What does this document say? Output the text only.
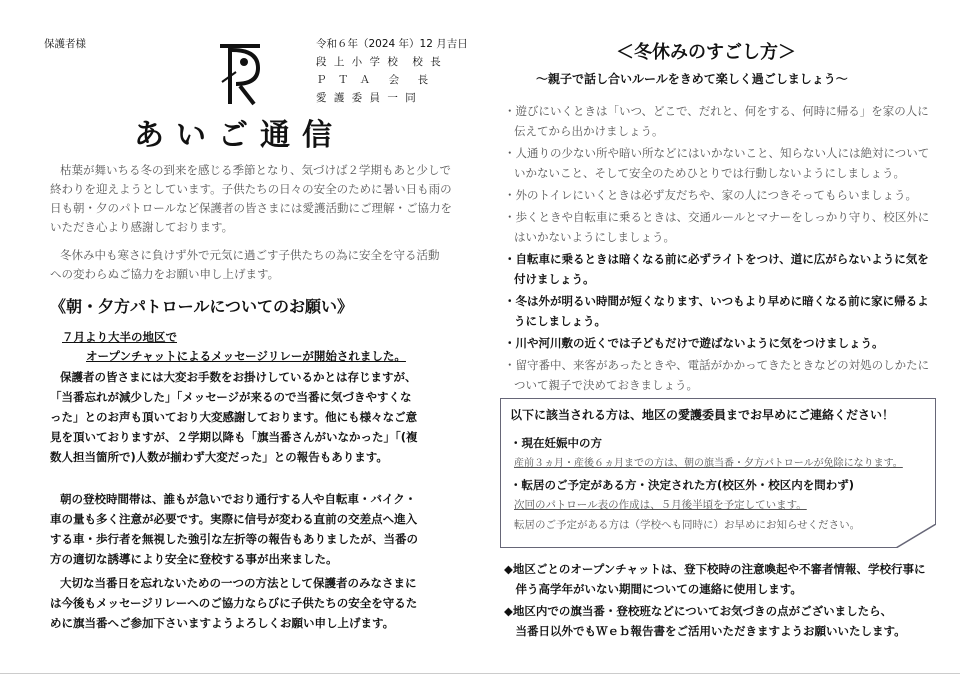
保護者様	令和６年（2024 年）12 月吉日
段 上 小 学 校　校 長
Ｐ Ｔ Ａ　会　長
愛 護 委 員 一 同
あいご通信
枯葉が舞いちる冬の到来を感じる季節となり、気づけば２学期もあと少しで
終わりを迎えようとしています。子供たちの日々の安全のために暑い日も雨の
日も朝・夕のパトロールなど保護者の皆さまには愛護活動にご理解・ご協力を
いただき心より感謝しております。
冬休み中も寒さに負けず外で元気に過ごす子供たちの為に安全を守る活動
への変わらぬご協力をお願い申し上げます。
《朝・夕方パトロールについてのお願い》
７月より大半の地区で
オープンチャットによるメッセージリレーが開始されました。
保護者の皆さまには大変お手数をお掛けしているかとは存じますが、
「当番忘れが減少した」「メッセージが来るので当番に気づきやすくな
った」とのお声も頂いており大変感謝しております。他にも様々なご意
見を頂いておりますが、２学期以降も「旗当番さんがいなかった」「(複
数人担当箇所で)人数が揃わず大変だった」との報告もあります。
朝の登校時間帯は、誰もが急いでおり通行する人や自転車・バイク・
車の量も多く注意が必要です。実際に信号が変わる直前の交差点へ進入
する車・歩行者を無視した強引な左折等の報告もありましたが、当番の
方の適切な誘導により安全に登校する事が出来ました。
大切な当番日を忘れないための一つの方法として保護者のみなさまに
は今後もメッセージリレーへのご協力ならびに子供たちの安全を守るた
めに旗当番へご参加下さいますようよろしくお願い申し上げます。
＜冬休みのすごし方＞
～親子で話し合いルールをきめて楽しく過ごしましょう～
・遊びにいくときは「いつ、どこで、だれと、何をする、何時に帰る」を家の人に
伝えてから出かけましょう。
・人通りの少ない所や暗い所などにはいかないこと、知らない人には絶対について
いかないこと、そして安全のためひとりでは行動しないようにしましょう。
・外のトイレにいくときは必ず友だちや、家の人につきそってもらいましょう。
・歩くときや自転車に乗るときは、交通ルールとマナーをしっかり守り、校区外に
はいかないようにしましょう。
・自転車に乗るときは暗くなる前に必ずライトをつけ、道に広がらないように気を
付けましょう。
・冬は外が明るい時間が短くなります、いつもより早めに暗くなる前に家に帰るよ
うにしましょう。
・川や河川敷の近くでは子どもだけで遊ばないように気をつけましょう。
・留守番中、来客があったときや、電話がかかってきたときなどの対処のしかたに
ついて親子で決めておきましょう。
以下に該当される方は、地区の愛護委員までお早めにご連絡ください！
・現在妊娠中の方
産前３ヵ月・産後６ヵ月までの方は、朝の旗当番・夕方パトロールが免除になります。
・転居のご予定がある方・決定された方(校区外・校区内を問わず)
次回のパトロール表の作成は、５月後半頃を予定しています。
転居のご予定がある方は（学校へも同時に）お早めにお知らせください。
◆地区ごとのオープンチャットは、登下校時の注意喚起や不審者情報、学校行事に
　伴う高学年がいない期間についての連絡に使用します。
◆地区内での旗当番・登校班などについてお気づきの点がございましたら、
　当番日以外でもＷｅｂ報告書をご活用いただきますようお願いいたします。
